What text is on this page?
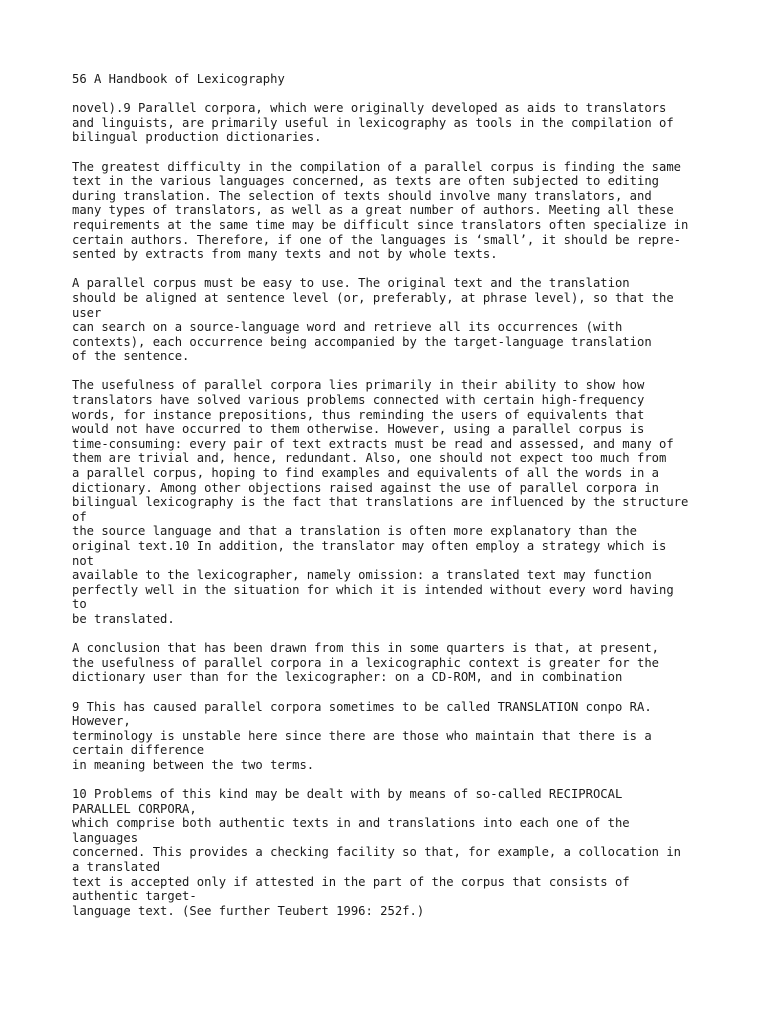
56 A Handbook of Lexicography
novel).9 Parallel corpora, which were originally developed as aids to translators
and linguists, are primarily useful in lexicography as tools in the compilation of
bilingual production dictionaries.
The greatest difficulty in the compilation of a parallel corpus is finding the same
text in the various languages concerned, as texts are often subjected to editing
during translation. The selection of texts should involve many translators, and
many types of translators, as well as a great number of authors. Meeting all these
requirements at the same time may be difficult since translators often specialize in
certain authors. Therefore, if one of the languages is ‘small’, it should be repre-
sented by extracts from many texts and not by whole texts.
A parallel corpus must be easy to use. The original text and the translation
should be aligned at sentence level (or, preferably, at phrase level), so that the
user
can search on a source-language word and retrieve all its occurrences (with
contexts), each occurrence being accompanied by the target-language translation
of the sentence.
The usefulness of parallel corpora lies primarily in their ability to show how
translators have solved various problems connected with certain high-frequency
words, for instance prepositions, thus reminding the users of equivalents that
would not have occurred to them otherwise. However, using a parallel corpus is
time-consuming: every pair of text extracts must be read and assessed, and many of
them are trivial and, hence, redundant. Also, one should not expect too much from
a parallel corpus, hoping to find examples and equivalents of all the words in a
dictionary. Among other objections raised against the use of parallel corpora in
bilingual lexicography is the fact that translations are influenced by the structure
of
the source language and that a translation is often more explanatory than the
original text.10 In addition, the translator may often employ a strategy which is
not
available to the lexicographer, namely omission: a translated text may function
perfectly well in the situation for which it is intended without every word having
to
be translated.
A conclusion that has been drawn from this in some quarters is that, at present,
the usefulness of parallel corpora in a lexicographic context is greater for the
dictionary user than for the lexicographer: on a CD-ROM, and in combination
9 This has caused parallel corpora sometimes to be called TRANSLATION conpo RA.
However,
terminology is unstable here since there are those who maintain that there is a
certain difference
in meaning between the two terms.
10 Problems of this kind may be dealt with by means of so-called RECIPROCAL
PARALLEL CORPORA,
which comprise both authentic texts in and translations into each one of the
languages
concerned. This provides a checking facility so that, for example, a collocation in
a translated
text is accepted only if attested in the part of the corpus that consists of
authentic target-
language text. (See further Teubert 1996: 252f.)
